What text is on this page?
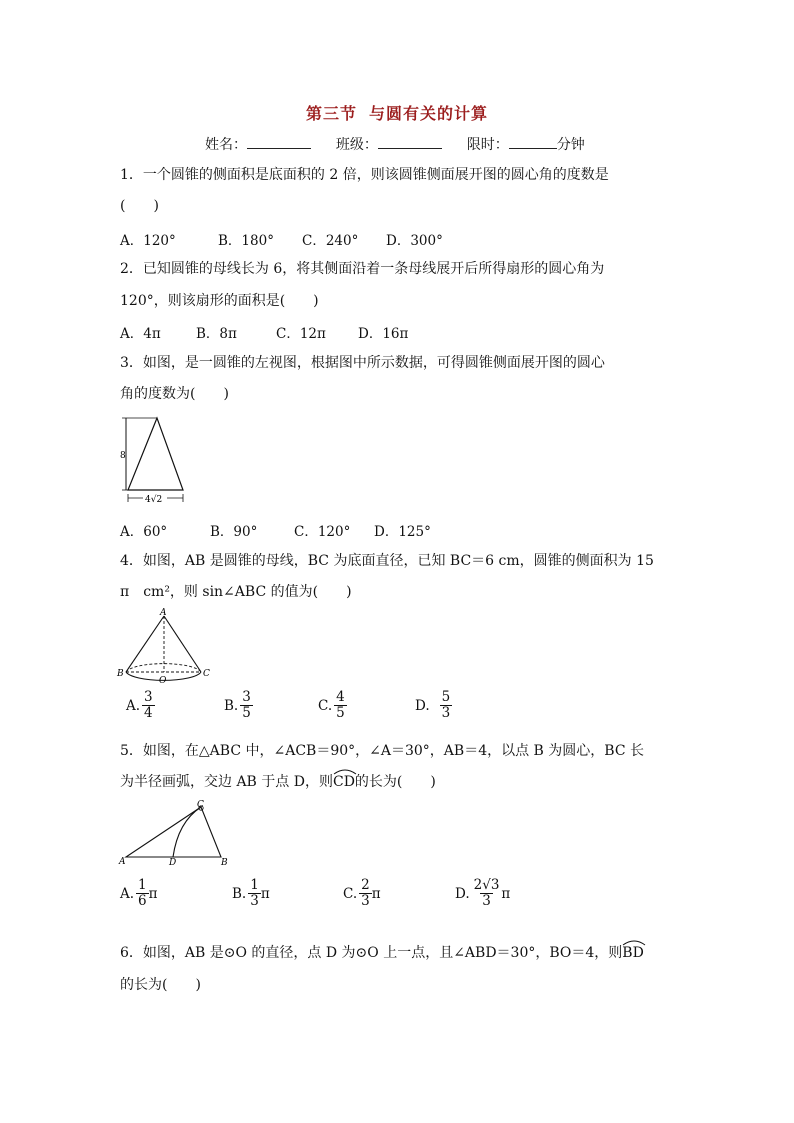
第三节 与圆有关的计算
姓名：	班级：	限时：	分钟
1．一个圆锥的侧面积是底面积的 2 倍，则该圆锥侧面展开图的圆心角的度数是
(　　)
A．120°	B．180° C．240° D．300°
2．已知圆锥的母线长为 6，将其侧面沿着一条母线展开后所得扇形的圆心角为
120°，则该扇形的面积是(　　)
A．4π	B．8π	C．12π D．16π
3．如图，是一圆锥的左视图，根据图中所示数据，可得圆锥侧面展开图的圆心
角的度数为(　　)
8
4√2
A．60°	B．90°	C．120° D．125°
4．如图，AB 是圆锥的母线，BC 为底面直径，已知 BC＝6 cm，圆锥的侧面积为 15
π　cm²，则 sin∠ABC 的值为(　　)
A
B	C
O
A. $\frac{3}{4}$	B. $\frac{3}{5}$	C. $\frac{4}{5}$	D. $\frac{5}{3}$
5．如图，在△ABC 中，∠ACB＝90°，∠A＝30°，AB＝4，以点 B 为圆心，BC 长
为半径画弧，交边 AB 于点 D，则
CD的长为(　　)
A
C
D	B
A. $\frac{1}{6}$ π	B. $\frac{1}{3}$ π	C. $\frac{2}{3}$ π	D. $\frac{2√3}{3}$ π
6．如图，AB 是⊙O 的直径，点 D 为⊙O 上一点，且∠ABD＝30°，BO＝4，则
BD
的长为(　　)
